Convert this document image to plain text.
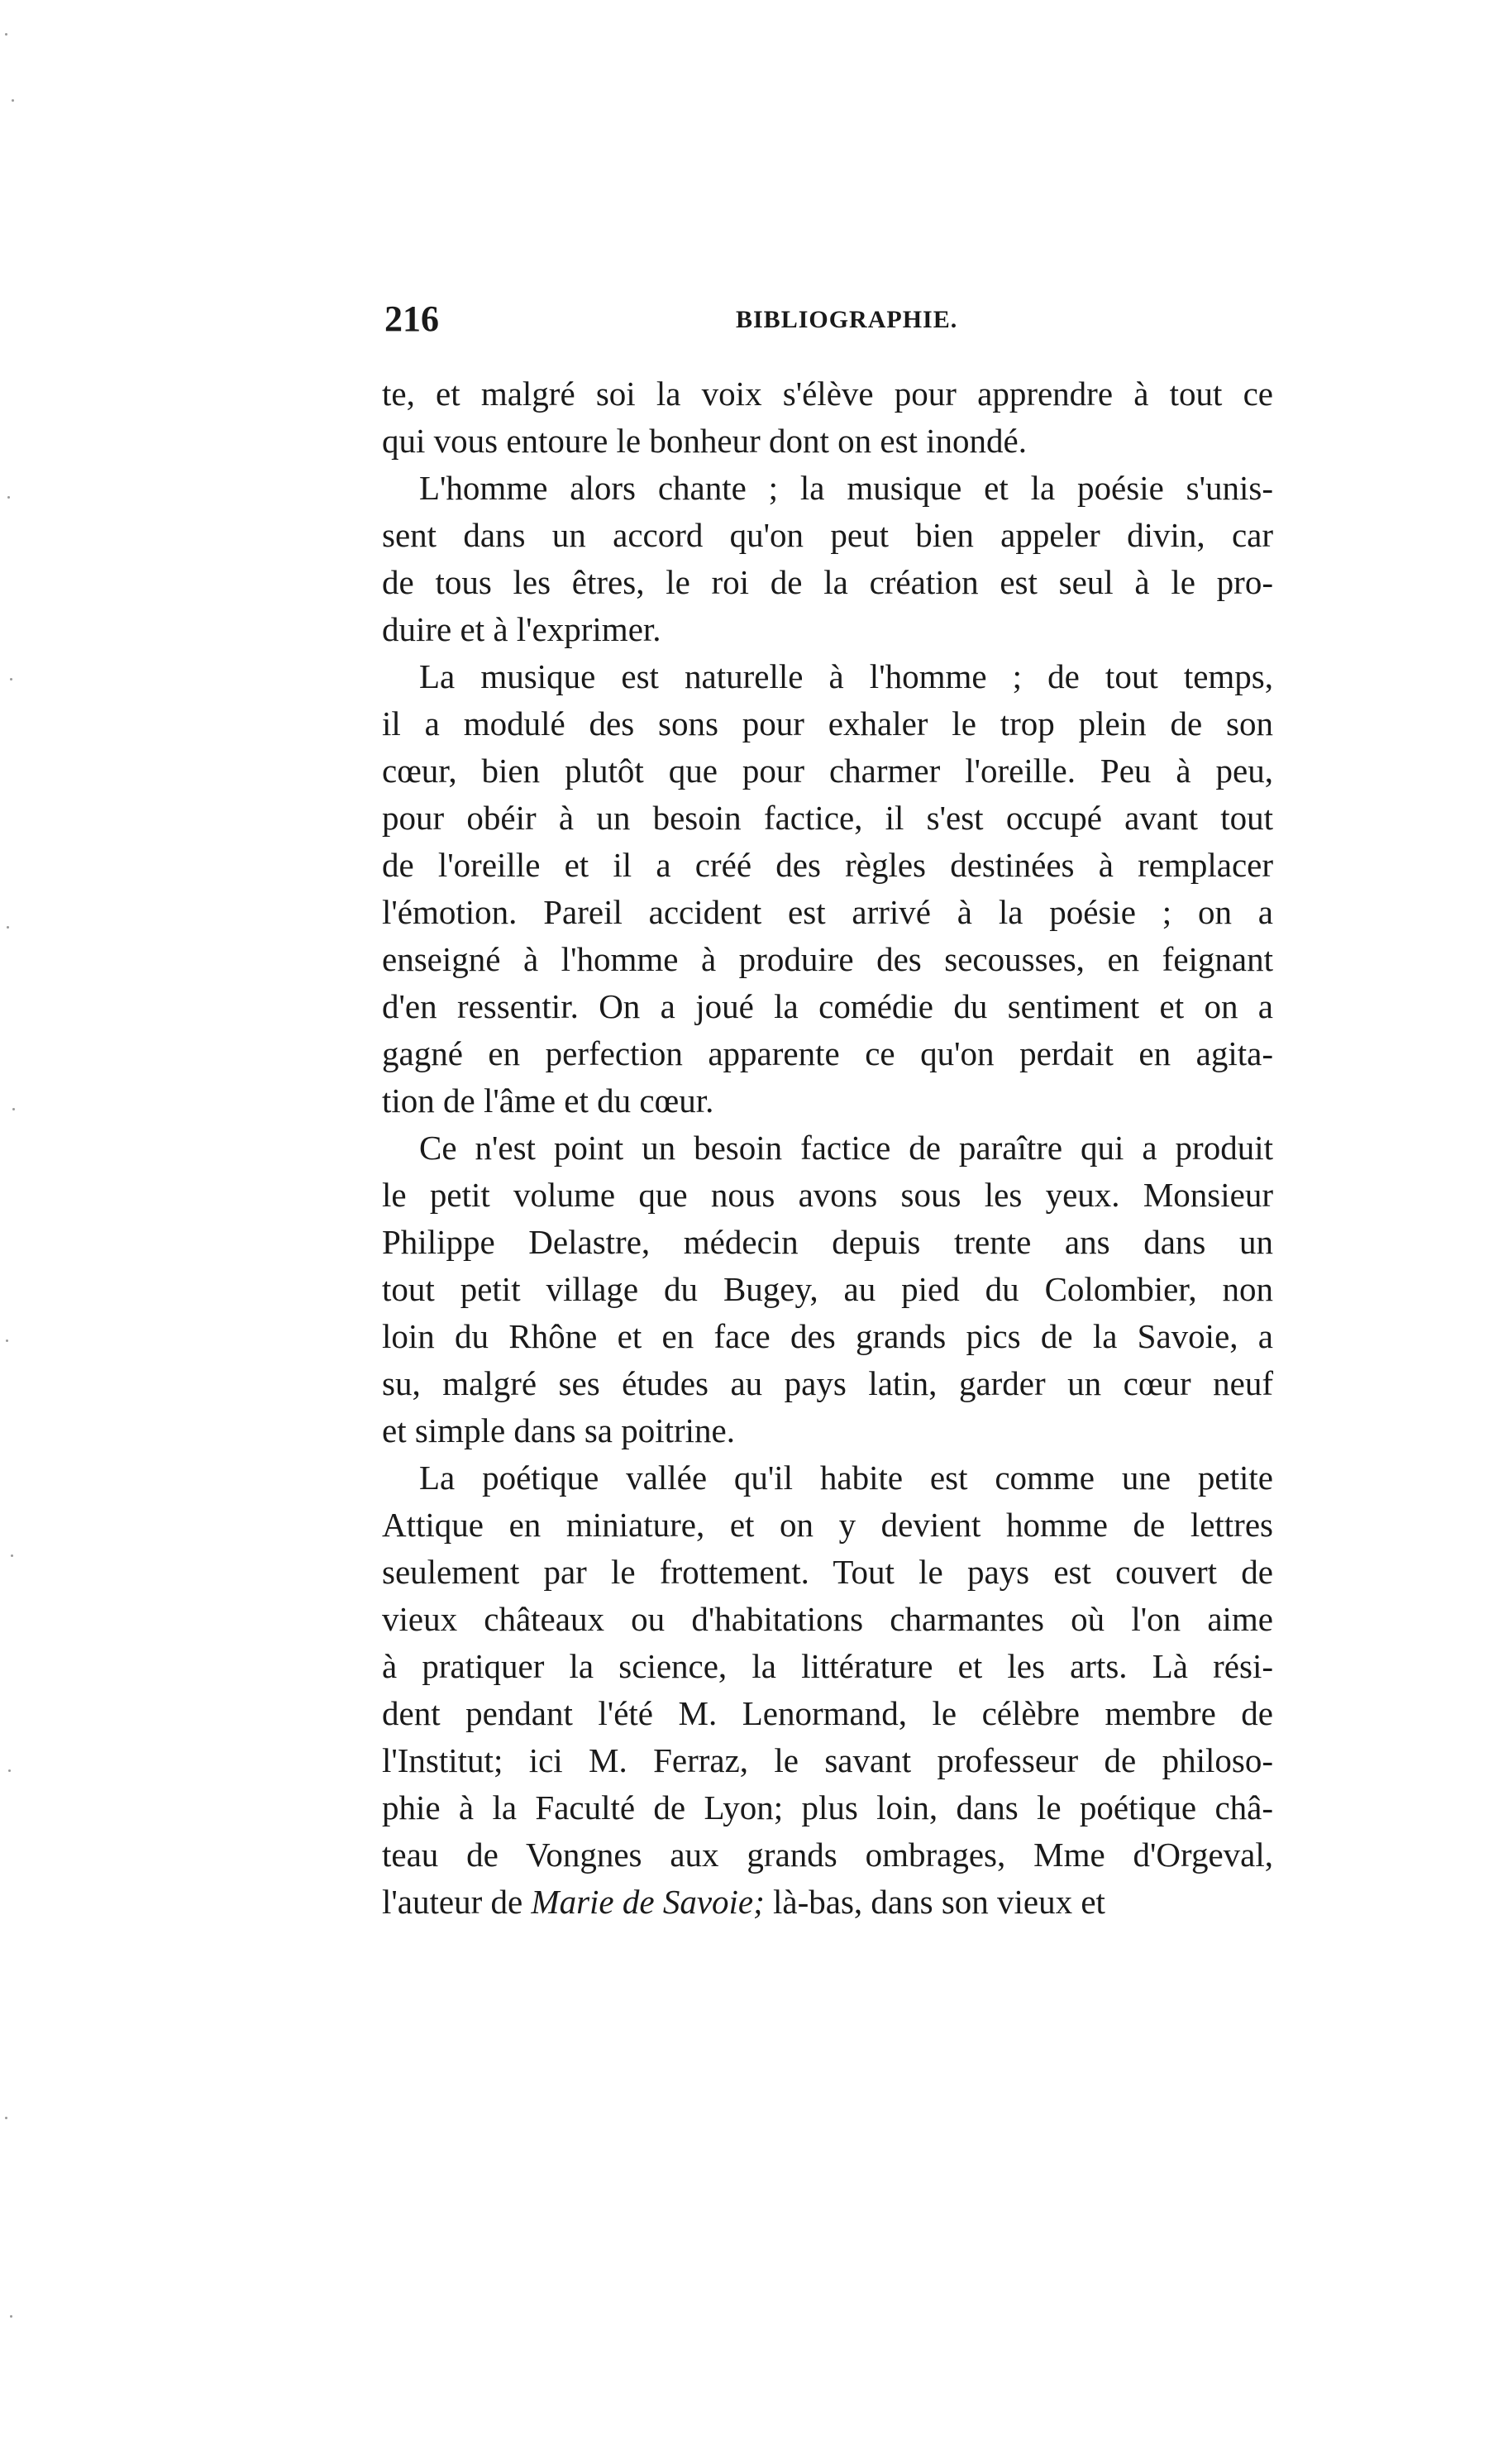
216	BIBLIOGRAPHIE.
te, et malgré soi la voix s'élève pour apprendre à tout ce
qui vous entoure le bonheur dont on est inondé.
L'homme alors chante ; la musique et la poésie s'unis-
sent dans un accord qu'on peut bien appeler divin, car
de tous les êtres, le roi de la création est seul à le pro-
duire et à l'exprimer.
La musique est naturelle à l'homme ; de tout temps,
il a modulé des sons pour exhaler le trop plein de son
cœur, bien plutôt que pour charmer l'oreille. Peu à peu,
pour obéir à un besoin factice, il s'est occupé avant tout
de l'oreille et il a créé des règles destinées à remplacer
l'émotion. Pareil accident est arrivé à la poésie ; on a
enseigné à l'homme à produire des secousses, en feignant
d'en ressentir. On a joué la comédie du sentiment et on a
gagné en perfection apparente ce qu'on perdait en agita-
tion de l'âme et du cœur.
Ce n'est point un besoin factice de paraître qui a produit
le petit volume que nous avons sous les yeux. Monsieur
Philippe Delastre, médecin depuis trente ans dans un
tout petit village du Bugey, au pied du Colombier, non
loin du Rhône et en face des grands pics de la Savoie, a
su, malgré ses études au pays latin, garder un cœur neuf
et simple dans sa poitrine.
La poétique vallée qu'il habite est comme une petite
Attique en miniature, et on y devient homme de lettres
seulement par le frottement. Tout le pays est couvert de
vieux châteaux ou d'habitations charmantes où l'on aime
à pratiquer la science, la littérature et les arts. Là rési-
dent pendant l'été M. Lenormand, le célèbre membre de
l'Institut; ici M. Ferraz, le savant professeur de philoso-
phie à la Faculté de Lyon; plus loin, dans le poétique châ-
teau de Vongnes aux grands ombrages, Mme d'Orgeval,
l'auteur de Marie de Savoie; là-bas, dans son vieux et
